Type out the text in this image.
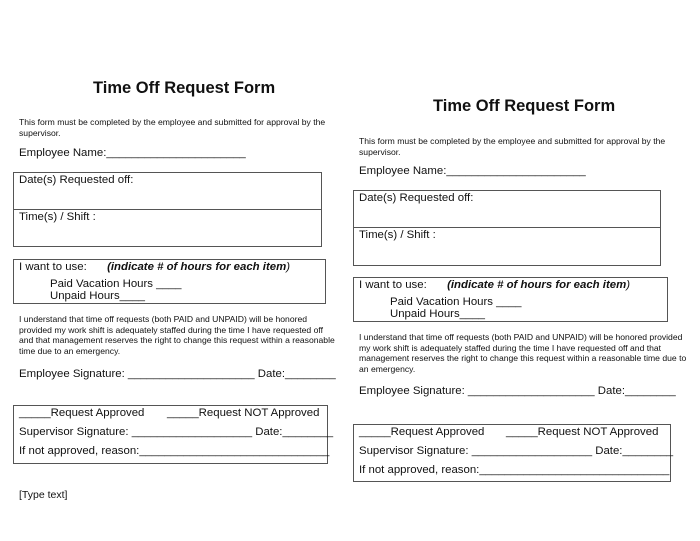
Time Off Request Form
This form must be completed by the employee and submitted for approval by the supervisor.
Employee Name:______________________
Date(s) Requested off:
Time(s) / Shift :
I want to use: (indicate # of hours for each item)
Paid Vacation Hours ____
Unpaid Hours____
I understand that time off requests (both PAID and UNPAID) will be honored provided my work shift is adequately staffed during the time I have requested off and that management reserves the right to change this request within a reasonable time due to an emergency.
Employee Signature: ____________________ Date:________
_____Request Approved _____Request NOT Approved
Supervisor Signature: ___________________ Date:________
If not approved, reason:______________________________
[Type text]
Time Off Request Form
This form must be completed by the employee and submitted for approval by the supervisor.
Employee Name:______________________
Date(s) Requested off:
Time(s) / Shift :
I want to use: (indicate # of hours for each item)
Paid Vacation Hours ____
Unpaid Hours____
I understand that time off requests (both PAID and UNPAID) will be honored provided my work shift is adequately staffed during the time I have requested off and that management reserves the right to change this request within a reasonable time due to an emergency.
Employee Signature: ____________________ Date:________
_____Request Approved _____Request NOT Approved
Supervisor Signature: ___________________ Date:________
If not approved, reason:______________________________
